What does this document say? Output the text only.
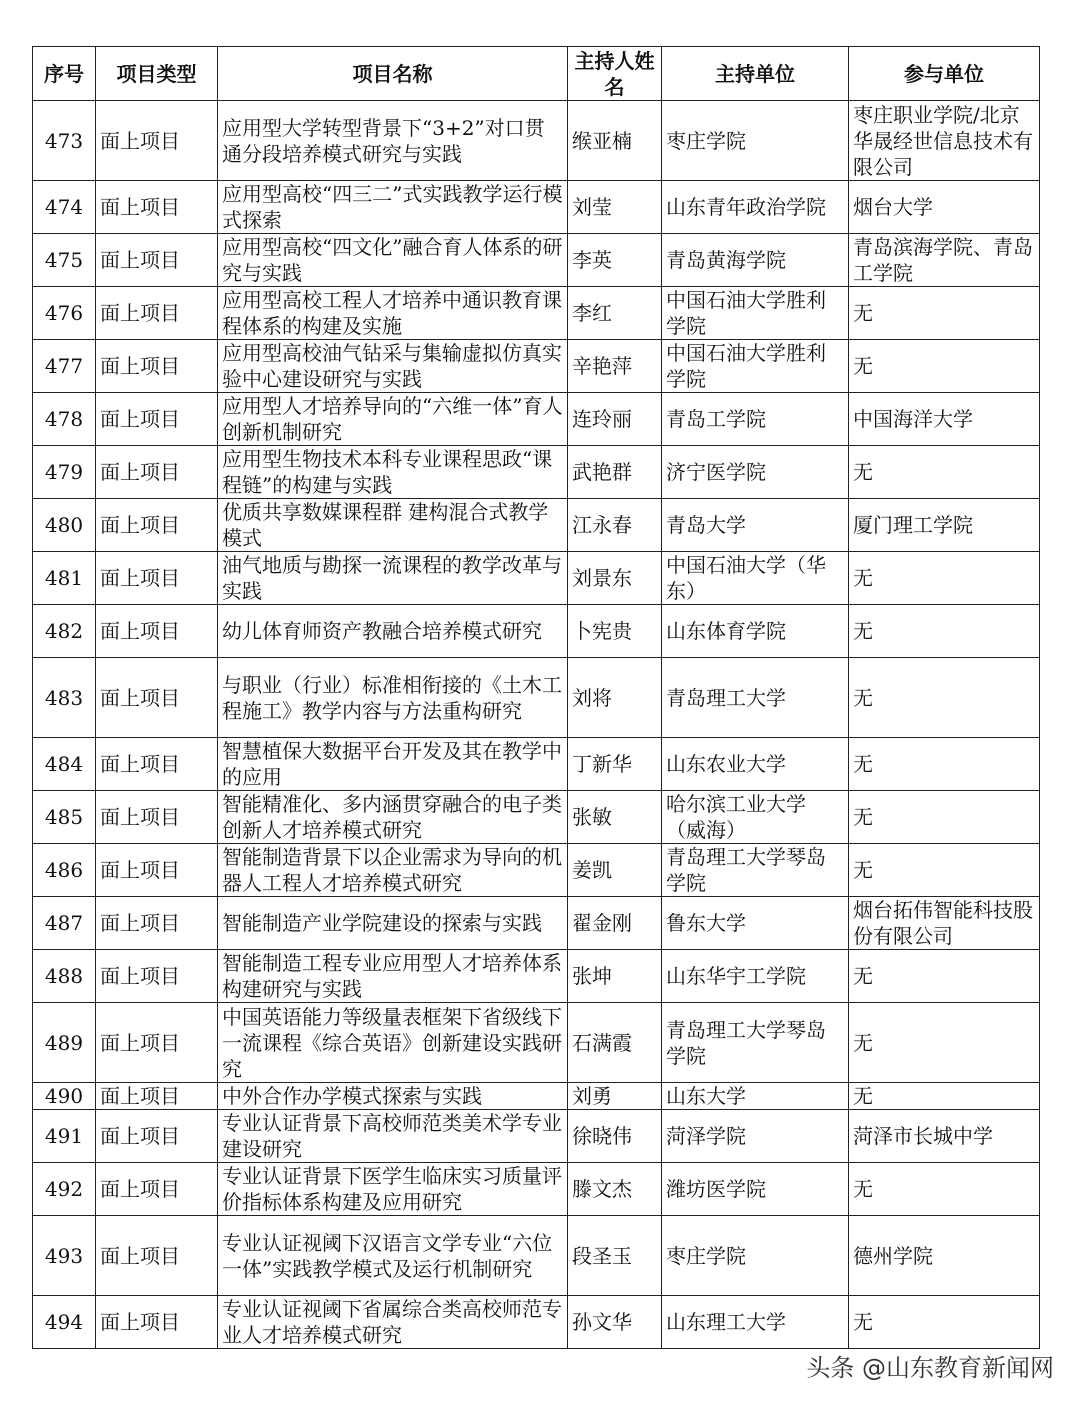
序号	项目类型	项目名称	主持人姓名	主持单位	参与单位
473	面上项目	应用型大学转型背景下“3+2”对口贯通分段培养模式研究与实践	缑亚楠	枣庄学院	枣庄职业学院/北京华晟经世信息技术有限公司
474	面上项目	应用型高校“四三二”式实践教学运行模式探索	刘莹	山东青年政治学院	烟台大学
475	面上项目	应用型高校“四文化”融合育人体系的研究与实践	李英	青岛黄海学院	青岛滨海学院、青岛工学院
476	面上项目	应用型高校工程人才培养中通识教育课程体系的构建及实施	李红	中国石油大学胜利学院	无
477	面上项目	应用型高校油气钻采与集输虚拟仿真实验中心建设研究与实践	辛艳萍	中国石油大学胜利学院	无
478	面上项目	应用型人才培养导向的“六维一体”育人创新机制研究	连玲丽	青岛工学院	中国海洋大学
479	面上项目	应用型生物技术本科专业课程思政“课程链”的构建与实践	武艳群	济宁医学院	无
480	面上项目	优质共享数媒课程群 建构混合式教学模式	江永春	青岛大学	厦门理工学院
481	面上项目	油气地质与勘探一流课程的教学改革与实践	刘景东	中国石油大学（华东）	无
482	面上项目	幼儿体育师资产教融合培养模式研究	卜宪贵	山东体育学院	无
483	面上项目	与职业（行业）标准相衔接的《土木工程施工》教学内容与方法重构研究	刘将	青岛理工大学	无
484	面上项目	智慧植保大数据平台开发及其在教学中的应用	丁新华	山东农业大学	无
485	面上项目	智能精准化、多内涵贯穿融合的电子类创新人才培养模式研究	张敏	哈尔滨工业大学（威海）	无
486	面上项目	智能制造背景下以企业需求为导向的机器人工程人才培养模式研究	姜凯	青岛理工大学琴岛学院	无
487	面上项目	智能制造产业学院建设的探索与实践	翟金刚	鲁东大学	烟台拓伟智能科技股份有限公司
488	面上项目	智能制造工程专业应用型人才培养体系构建研究与实践	张坤	山东华宇工学院	无
489	面上项目	中国英语能力等级量表框架下省级线下一流课程《综合英语》创新建设实践研究	石满霞	青岛理工大学琴岛学院	无
490	面上项目	中外合作办学模式探索与实践	刘勇	山东大学	无
491	面上项目	专业认证背景下高校师范类美术学专业建设研究	徐晓伟	菏泽学院	菏泽市长城中学
492	面上项目	专业认证背景下医学生临床实习质量评价指标体系构建及应用研究	滕文杰	潍坊医学院	无
493	面上项目	专业认证视阈下汉语言文学专业“六位一体”实践教学模式及运行机制研究	段圣玉	枣庄学院	德州学院
494	面上项目	专业认证视阈下省属综合类高校师范专业人才培养模式研究	孙文华	山东理工大学	无
头条 @山东教育新闻网
